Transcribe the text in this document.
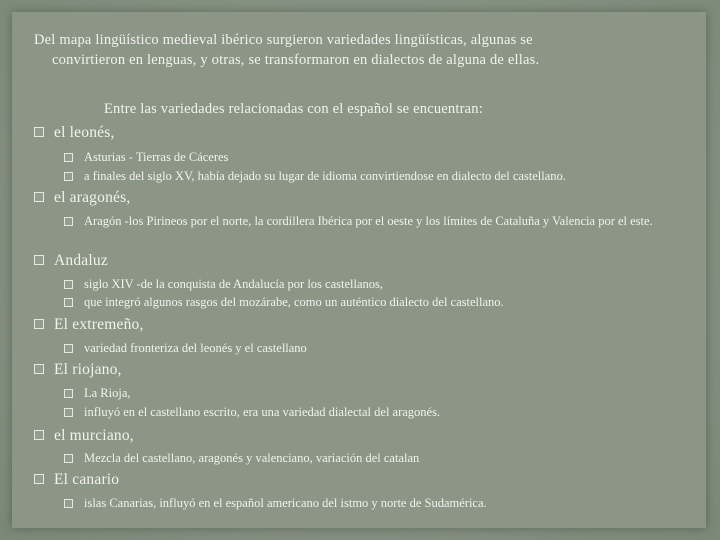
Del mapa lingüístico medieval ibérico surgieron variedades lingüísticas, algunas se
convirtieron en lenguas, y otras, se transformaron en dialectos de alguna de ellas.
Entre las variedades relacionadas con el español se encuentran:
el leonés,
Asturias - Tierras de Cáceres
a finales del siglo XV, había dejado su lugar de idioma convirtiendose en dialecto del castellano.
el aragonés,
Aragón -los Pirineos por el norte, la cordillera Ibérica por el oeste y los límites de Cataluña y Valencia por el este.
Andaluz
siglo XIV -de la conquista de Andalucía por los castellanos,
que integró algunos rasgos del mozárabe, como un auténtico dialecto del castellano.
El extremeño,
variedad fronteriza del leonés y el castellano
El riojano,
La Rioja,
influyó en el castellano escrito, era una variedad dialectal del aragonés.
el murciano,
Mezcla del castellano, aragonés y valenciano, variación del catalan
El canario
islas Canarias, influyó en el español americano del istmo y norte de Sudamérica.
